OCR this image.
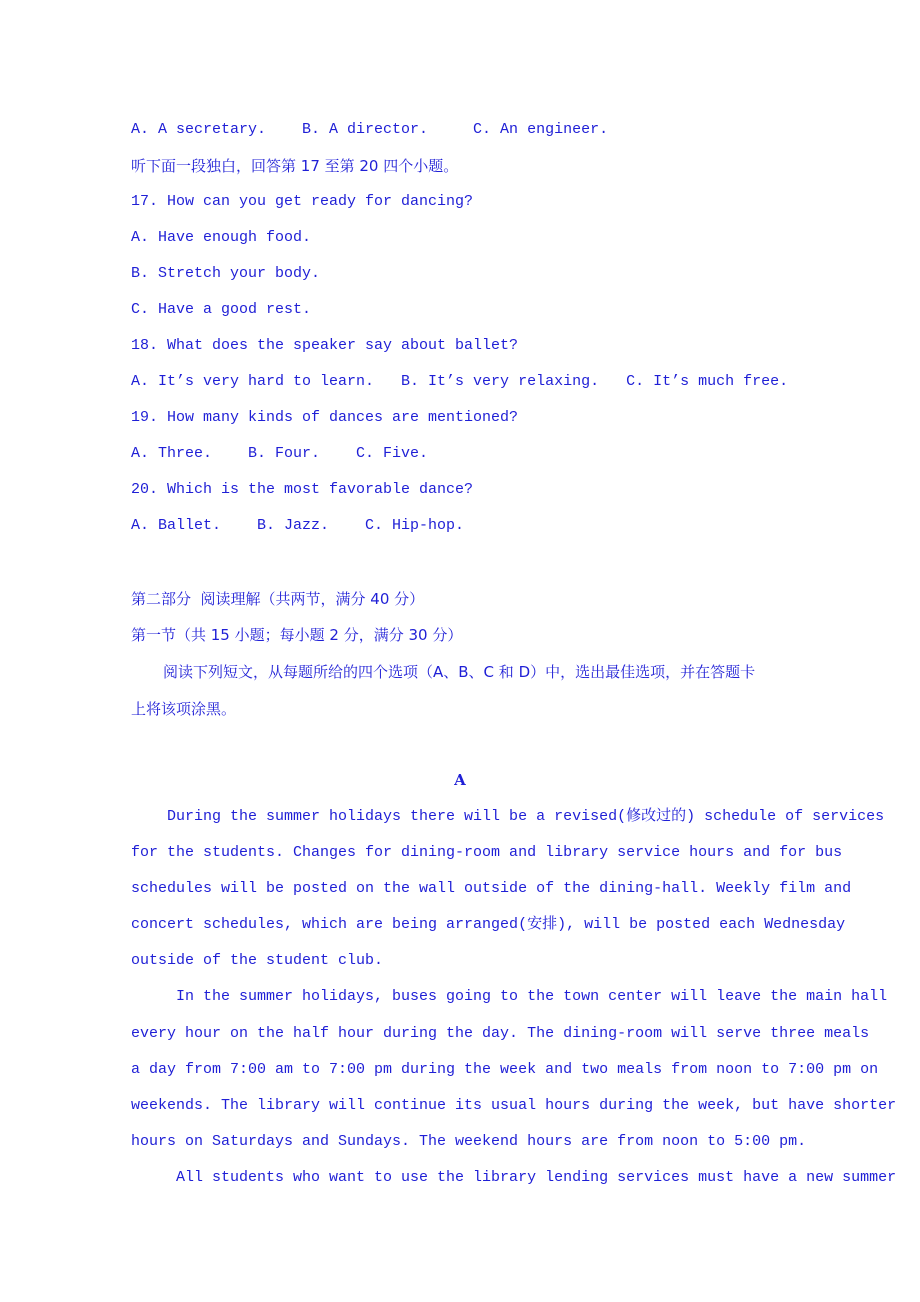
A. A secretary.    B. A director.     C. An engineer.

听下面一段独白，回答第 17 至第 20 四个小题。

17. How can you get ready for dancing?

A. Have enough food.

B. Stretch your body.

C. Have a good rest.

18. What does the speaker say about ballet?

A. It’s very hard to learn.   B. It’s very relaxing.   C. It’s much free.

19. How many kinds of dances are mentioned?

A. Three.    B. Four.    C. Five.

20. Which is the most favorable dance?

A. Ballet.    B. Jazz.    C. Hip-hop.

第二部分  阅读理解（共两节，满分 40 分）

第一节（共 15 小题；每小题 2 分，满分 30 分）

阅读下列短文，从每题所给的四个选项（A、B、C 和 D）中，选出最佳选项，并在答题卡

上将该项涂黑。

A

During the summer holidays there will be a revised(修改过的) schedule of services

for the students. Changes for dining-room and library service hours and for bus

schedules will be posted on the wall outside of the dining-hall. Weekly film and

concert schedules, which are being arranged(安排), will be posted each Wednesday

outside of the student club.

In the summer holidays, buses going to the town center will leave the main hall

every hour on the half hour during the day. The dining-room will serve three meals

a day from 7:00 am to 7:00 pm during the week and two meals from noon to 7:00 pm on

weekends. The library will continue its usual hours during the week, but have shorter

hours on Saturdays and Sundays. The weekend hours are from noon to 5:00 pm.

All students who want to use the library lending services must have a new summer
